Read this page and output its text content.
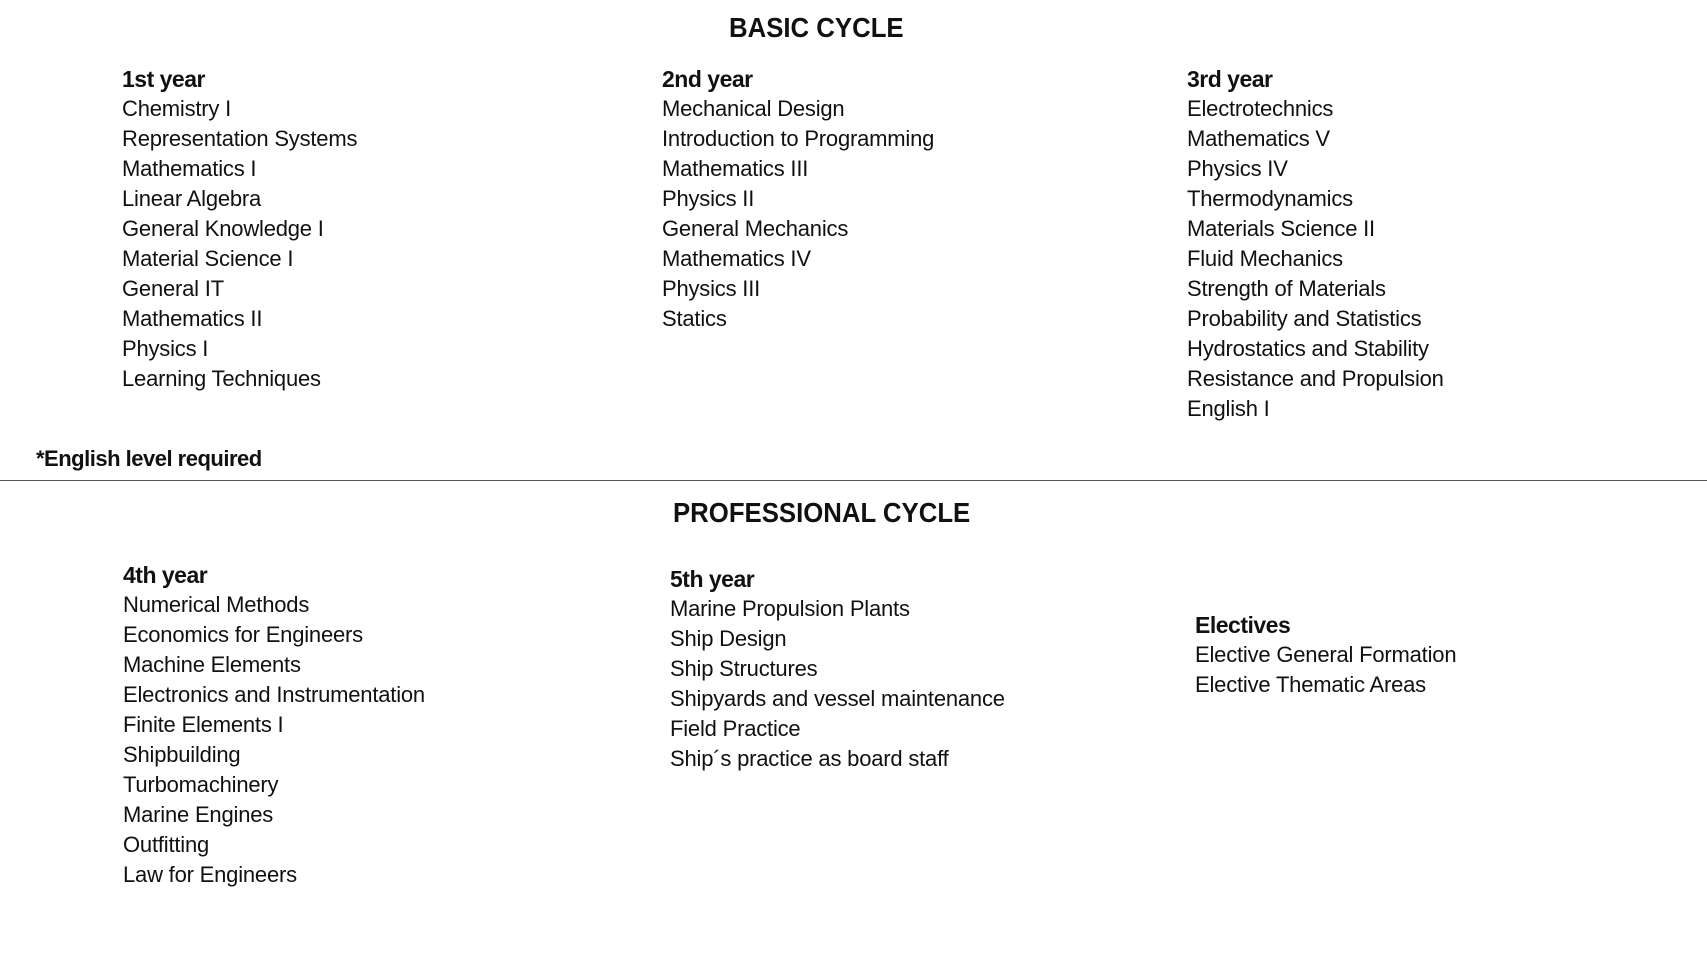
BASIC CYCLE
1st year
Chemistry I
Representation Systems
Mathematics I
Linear Algebra
General Knowledge I
Material Science I
General IT
Mathematics II
Physics I
Learning Techniques
2nd year
Mechanical Design
Introduction to Programming
Mathematics III
Physics II
General Mechanics
Mathematics IV
Physics III
Statics
3rd year
Electrotechnics
Mathematics V
Physics IV
Thermodynamics
Materials Science II
Fluid Mechanics
Strength of Materials
Probability and Statistics
Hydrostatics and Stability
Resistance and Propulsion
English I

*English level required

PROFESSIONAL CYCLE
4th year
Numerical Methods
Economics for Engineers
Machine Elements
Electronics and Instrumentation
Finite Elements I
Shipbuilding
Turbomachinery
Marine Engines
Outfitting
Law for Engineers
5th year
Marine Propulsion Plants
Ship Design
Ship Structures
Shipyards and vessel maintenance
Field Practice
Ship´s practice as board staff
Electives
Elective General Formation
Elective Thematic Areas
